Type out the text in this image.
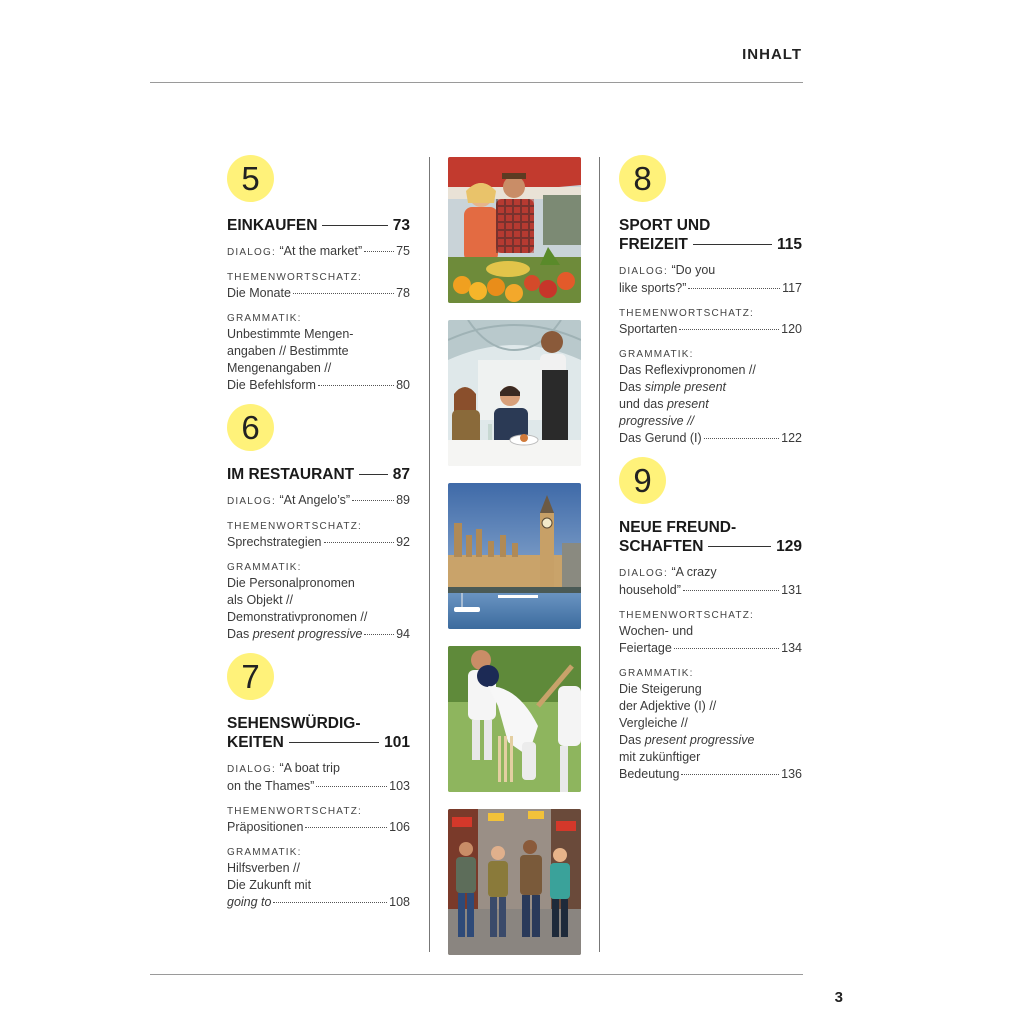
INHALT
5
EINKAUFEN	73
DIALOG: “At the market”	75
THEMENWORTSCHATZ:
Die Monate	78
GRAMMATIK:
Unbestimmte Mengen-
angaben // Bestimmte
Mengenangaben //
Die Befehlsform	80
6
IM RESTAURANT 87
DIALOG: “At Angelo’s”	89
THEMENWORTSCHATZ:
Sprechstrategien	92
GRAMMATIK:
Die Personalpronomen
als Objekt //
Demonstrativpronomen //
Das present progressive	94
7
SEHENSWÜRDIG-
KEITEN	101
DIALOG: “A boat trip
on the Thames”	103
THEMENWORTSCHATZ:
Präpositionen	106
GRAMMATIK:
Hilfsverben //
Die Zukunft mit
going to	108
8
SPORT UND
FREIZEIT	115
DIALOG: “Do you
like sports?”	117
THEMENWORTSCHATZ:
Sportarten	120
GRAMMATIK:
Das Reflexivpronomen //
Das simple present
und das present
progressive //
Das Gerund (I)	122
9
NEUE FREUND-
SCHAFTEN	129
DIALOG: “A crazy
household”	131
THEMENWORTSCHATZ:
Wochen- und
Feiertage	134
GRAMMATIK:
Die Steigerung
der Adjektive (I) //
Vergleiche //
Das present progressive
mit zukünftiger
Bedeutung	136
3
